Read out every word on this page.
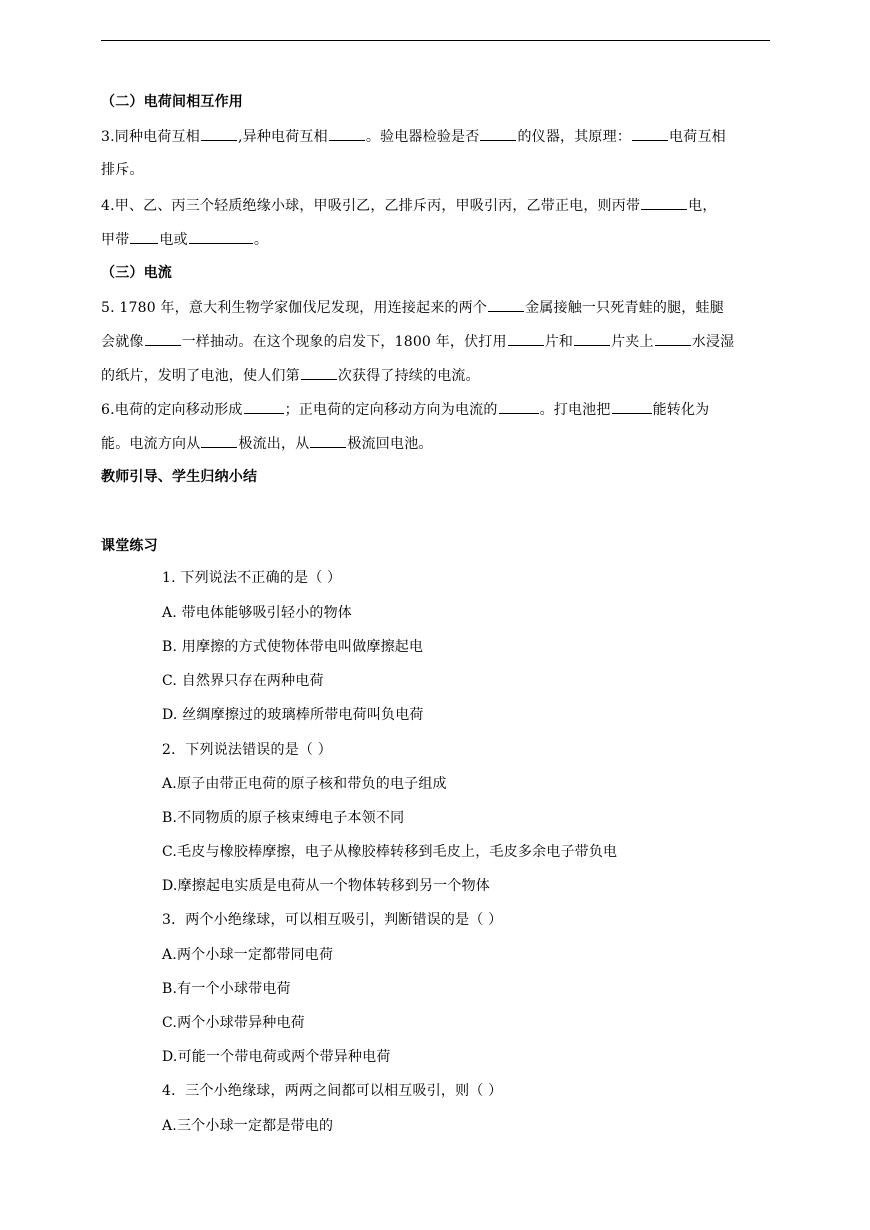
（二）电荷间相互作用
3.同种电荷互相	,异种电荷互相	。验电器检验是否	的仪器，其原理：	电荷互相
排斥。
4.甲、乙、丙三个轻质绝缘小球，甲吸引乙，乙排斥丙，甲吸引丙，乙带正电，则丙带	电，
甲带 电或	。
（三）电流
5. 1780 年，意大利生物学家伽伐尼发现，用连接起来的两个	金属接触一只死青蛙的腿，蛙腿
会就像	一样抽动。在这个现象的启发下，1800 年，伏打用	片和	片夹上	水浸湿
的纸片，发明了电池，使人们第	次获得了持续的电流。
6.电荷的定向移动形成	；正电荷的定向移动方向为电流的	。打电池把	能转化为
能。电流方向从	极流出，从	极流回电池。
教师引导、学生归纳小结
课堂练习
1. 下列说法不正确的是（ ）
A. 带电体能够吸引轻小的物体
B. 用摩擦的方式使物体带电叫做摩擦起电
C. 自然界只存在两种电荷
D. 丝绸摩擦过的玻璃棒所带电荷叫负电荷
2．下列说法错误的是（ ）
A.原子由带正电荷的原子核和带负的电子组成
B.不同物质的原子核束缚电子本领不同
C.毛皮与橡胶棒摩擦，电子从橡胶棒转移到毛皮上，毛皮多余电子带负电
D.摩擦起电实质是电荷从一个物体转移到另一个物体
3．两个小绝缘球，可以相互吸引，判断错误的是（ ）
A.两个小球一定都带同电荷
B.有一个小球带电荷
C.两个小球带异种电荷
D.可能一个带电荷或两个带异种电荷
4．三个小绝缘球，两两之间都可以相互吸引，则（ ）
A.三个小球一定都是带电的
